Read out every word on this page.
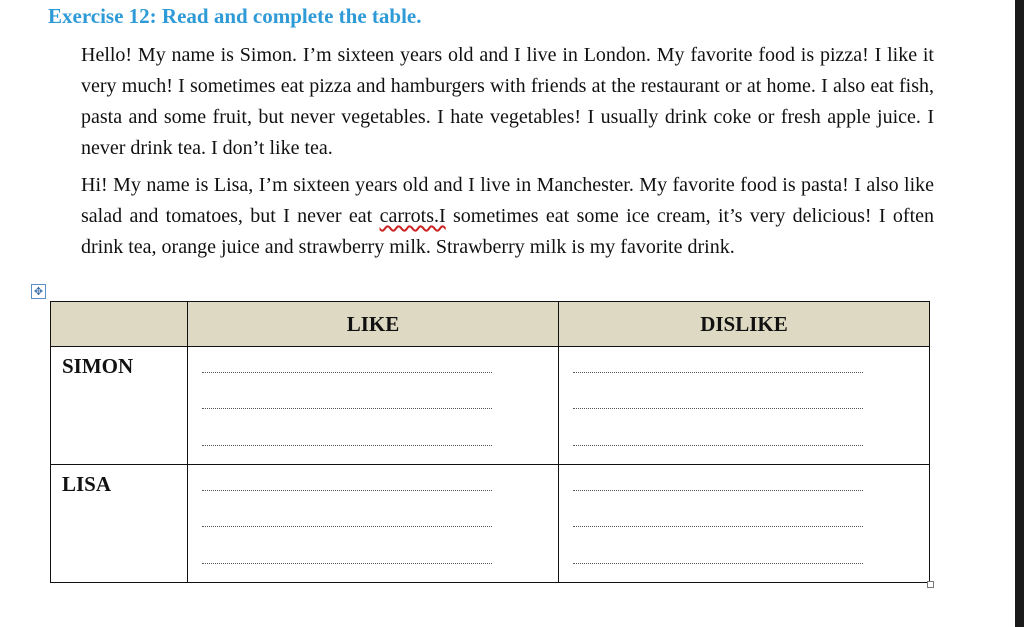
Exercise 12: Read and complete the table.
Hello! My name is Simon. I’m sixteen years old and I live in London. My favorite food is pizza! I like it very much! I sometimes eat pizza and hamburgers with friends at the restaurant or at home. I also eat fish, pasta and some fruit, but never vegetables. I hate vegetables! I usually drink coke or fresh apple juice. I never drink tea. I don’t like tea.
Hi! My name is Lisa, I’m sixteen years old and I live in Manchester. My favorite food is pasta! I also like salad and tomatoes, but I never eat carrots.I sometimes eat some ice cream, it’s very delicious! I often drink tea, orange juice and strawberry milk. Strawberry milk is my favorite drink.
✥
	LIKE	DISLIKE
SIMON	

LISA	
